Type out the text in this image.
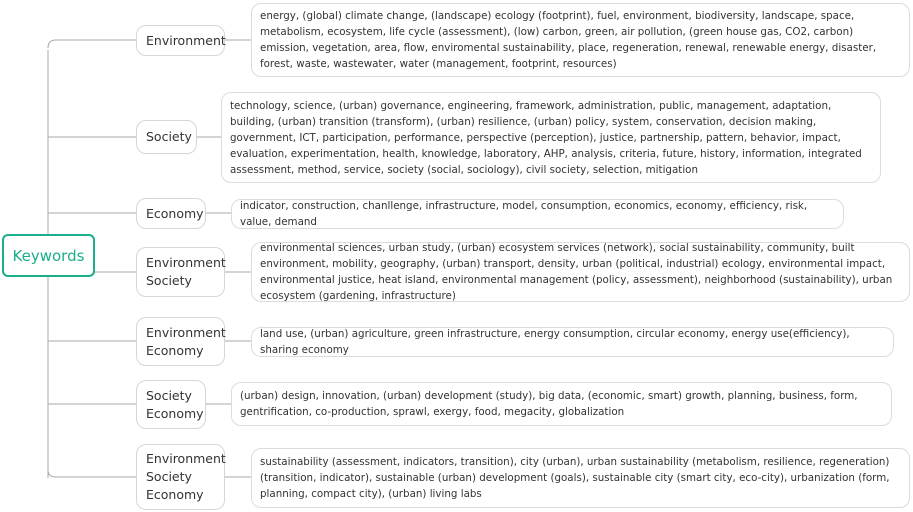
Keywords
Environment
energy, (global) climate change, (landscape) ecology (footprint), fuel, environment, biodiversity, landscape, space, metabolism, ecosystem, life cycle (assessment), (low) carbon, green, air pollution, (green house gas, CO2, carbon) emission, vegetation, area, flow, enviromental sustainability, place, regeneration, renewal, renewable energy, disaster, forest, waste, wastewater, water (management, footprint, resources)
Society
technology, science, (urban) governance, engineering, framework, administration, public, management, adaptation, building, (urban) transition (transform), (urban) resilience, (urban) policy, system, conservation, decision making, government, ICT, participation, performance, perspective (perception), justice, partnership, pattern, behavior, impact, evaluation, experimentation, health, knowledge, laboratory, AHP, analysis, criteria, future, history, information, integrated assessment, method, service, society (social, sociology), civil society, selection, mitigation
Economy	indicator, construction, chanllenge, infrastructure, model, consumption, economics, economy, efficiency, risk, value, demand
Environment
Society
environmental sciences, urban study, (urban) ecosystem services (network), social sustainability, community, built environment, mobility, geography, (urban) transport, density, urban (political, industrial) ecology, environmental impact, environmental justice, heat island, environmental management (policy, assessment), neighborhood (sustainability), urban ecosystem (gardening, infrastructure)
Environment
Economy
land use, (urban) agriculture, green infrastructure, energy consumption, circular economy, energy use(efficiency), sharing economy
Society
Economy
(urban) design, innovation, (urban) development (study), big data, (economic, smart) growth, planning, business, form, gentrification, co-production, sprawl, exergy, food, megacity, globalization
Environment
Society
Economy
sustainability (assessment, indicators, transition), city (urban), urban sustainability (metabolism, resilience, regeneration) (transition, indicator), sustainable (urban) development (goals), sustainable city (smart city, eco-city), urbanization (form, planning, compact city), (urban) living labs
